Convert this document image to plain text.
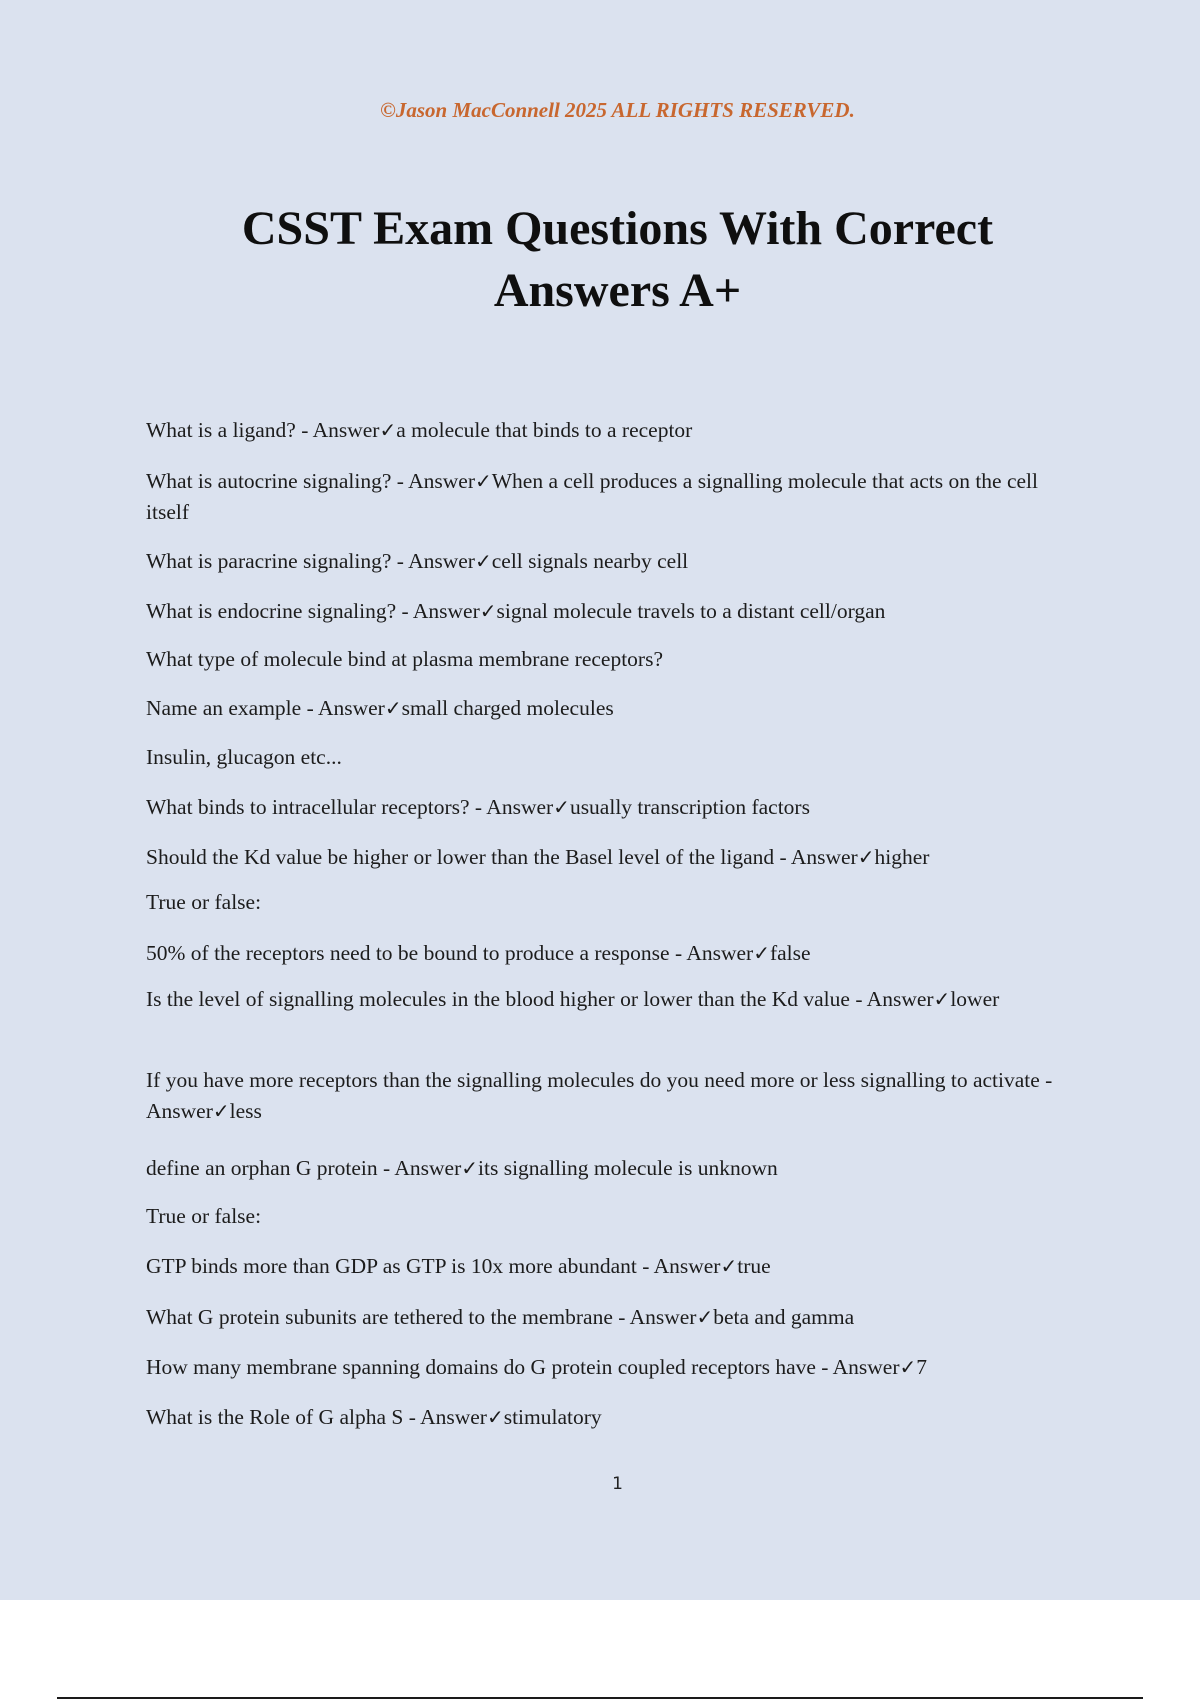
©Jason MacConnell 2025 ALL RIGHTS RESERVED.
CSST Exam Questions With Correct
Answers A+
What is a ligand? - Answer✓a molecule that binds to a receptor
What is autocrine signaling? - Answer✓When a cell produces a signalling molecule that acts on the cell itself
What is paracrine signaling? - Answer✓cell signals nearby cell
What is endocrine signaling? - Answer✓signal molecule travels to a distant cell/organ
What type of molecule bind at plasma membrane receptors?
Name an example - Answer✓small charged molecules
Insulin, glucagon etc...
What binds to intracellular receptors? - Answer✓usually transcription factors
Should the Kd value be higher or lower than the Basel level of the ligand - Answer✓higher
True or false:
50% of the receptors need to be bound to produce a response - Answer✓false
Is the level of signalling molecules in the blood higher or lower than the Kd value - Answer✓lower
If you have more receptors than the signalling molecules do you need more or less signalling to activate - Answer✓less
define an orphan G protein - Answer✓its signalling molecule is unknown
True or false:
GTP binds more than GDP as GTP is 10x more abundant - Answer✓true
What G protein subunits are tethered to the membrane - Answer✓beta and gamma
How many membrane spanning domains do G protein coupled receptors have - Answer✓7
What is the Role of G alpha S - Answer✓stimulatory
1
